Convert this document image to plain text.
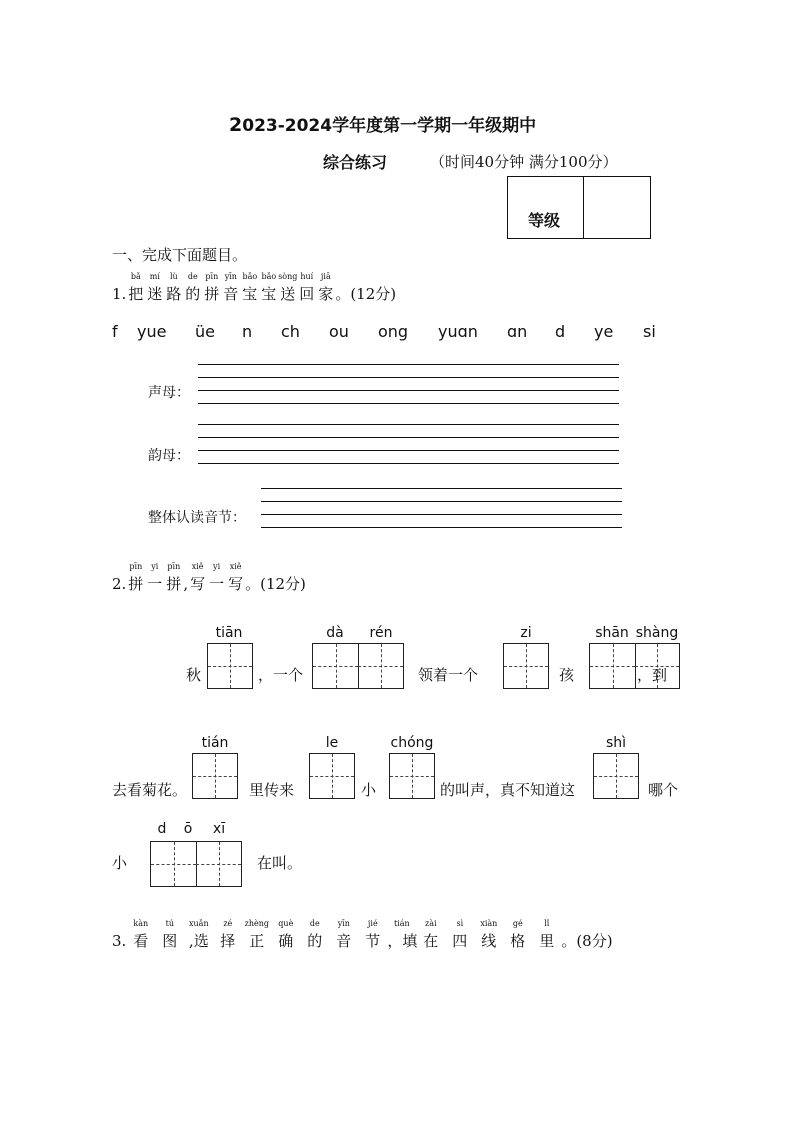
2023-2024学年度第一学期一年级期中
综合练习	（时间40分钟 满分100分）
等级
一、完成下面题目。
1.
bǎ
把
mí
迷
lù
路
de
的
pīn
拼
yīn
音
bǎo
宝
bǎo
宝
sòng
送
huí
回
jiā
家 。(12分)
f yue üe n ch ou ong yuɑn ɑn d ye si
声母：
韵母：
整体认读音节：
2.
pīn
拼
yi
一
pīn
拼 ,
xiě
写
yi
一
xiě
写 。(12分)
tiān
秋	，一个
dà	rén
领着一个
zi
孩
shān shàng
，到
去看菊花。
tián
里传来
le
小
chóng
的叫声，真不知道这
shì
哪个
小
d	ō	xī
在叫。
3.
kàn
看
tú
图
xuǎn
,选
zé
择
zhèng
正
què
确
de
的
yīn
音
jié
节
tián
，填
zài
在
sì
四
xiàn
线
gé
格
lǐ
里 。(8分)
